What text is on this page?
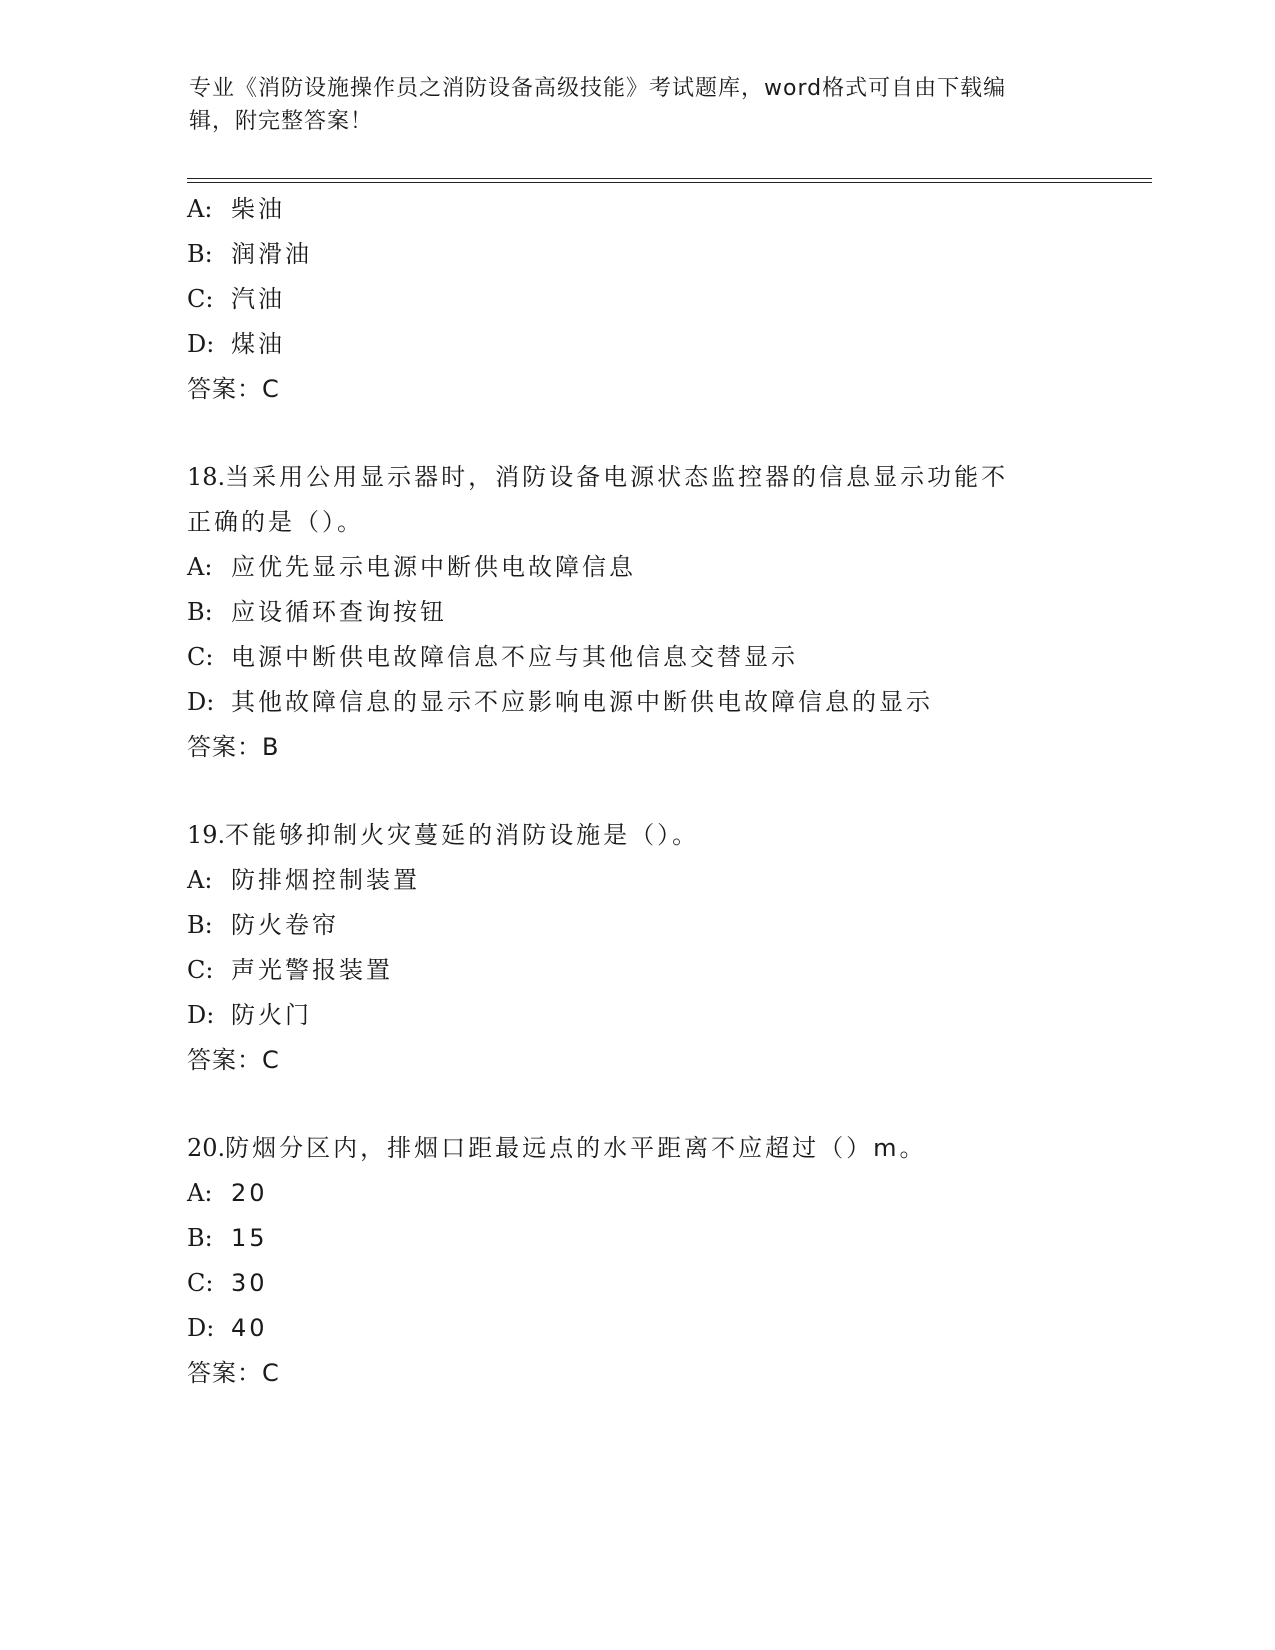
专业《消防设施操作员之消防设备高级技能》考试题库，word格式可自由下载编
辑，附完整答案！
A: 柴油
B: 润滑油
C: 汽油
D: 煤油
答案：C
18.当采用公用显示器时，消防设备电源状态监控器的信息显示功能不
正确的是（）。
A: 应优先显示电源中断供电故障信息
B: 应设循环查询按钮
C: 电源中断供电故障信息不应与其他信息交替显示
D: 其他故障信息的显示不应影响电源中断供电故障信息的显示
答案：B
19.不能够抑制火灾蔓延的消防设施是（）。
A: 防排烟控制装置
B: 防火卷帘
C: 声光警报装置
D: 防火门
答案：C
20.防烟分区内，排烟口距最远点的水平距离不应超过（）m。
A: 20
B: 15
C: 30
D: 40
答案：C
